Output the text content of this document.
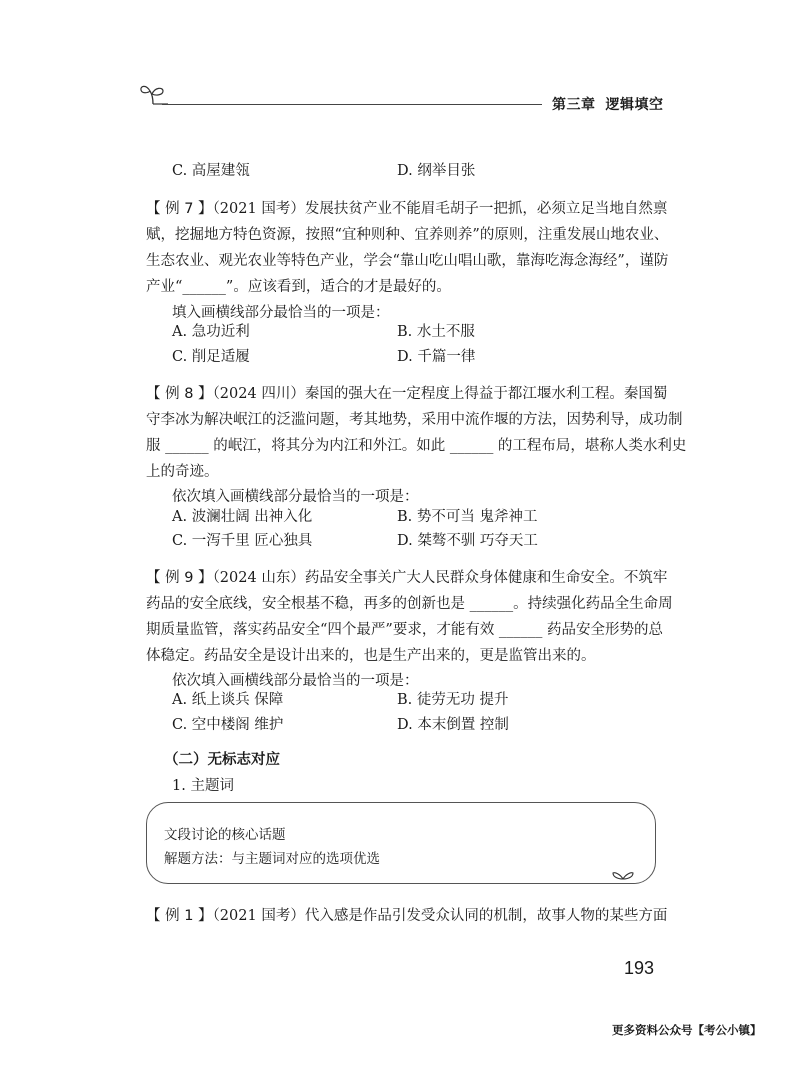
第三章 逻辑填空
C. 高屋建瓴	D. 纲举目张
【 例 7 】（2021 国考）发展扶贫产业不能眉毛胡子一把抓，必须立足当地自然禀
赋，挖掘地方特色资源，按照“宜种则种、宜养则养”的原则，注重发展山地农业、
生态农业、观光农业等特色产业，学会“靠山吃山唱山歌，靠海吃海念海经”，谨防
产业“______”。应该看到，适合的才是最好的。
填入画横线部分最恰当的一项是：
A. 急功近利	B. 水土不服
C. 削足适履	D. 千篇一律
【 例 8 】（2024 四川）秦国的强大在一定程度上得益于都江堰水利工程。秦国蜀
守李冰为解决岷江的泛滥问题，考其地势，采用中流作堰的方法，因势利导，成功制
服 ______ 的岷江，将其分为内江和外江。如此 ______ 的工程布局，堪称人类水利史
上的奇迹。
依次填入画横线部分最恰当的一项是：
A. 波澜壮阔 出神入化	B. 势不可当 鬼斧神工
C. 一泻千里 匠心独具	D. 桀骜不驯 巧夺天工
【 例 9 】（2024 山东）药品安全事关广大人民群众身体健康和生命安全。不筑牢
药品的安全底线，安全根基不稳，再多的创新也是 ______。持续强化药品全生命周
期质量监管，落实药品安全“四个最严”要求，才能有效 ______ 药品安全形势的总
体稳定。药品安全是设计出来的，也是生产出来的，更是监管出来的。
依次填入画横线部分最恰当的一项是：
A. 纸上谈兵 保障	B. 徒劳无功 提升
C. 空中楼阁 维护	D. 本末倒置 控制
（二）无标志对应
1. 主题词
文段讨论的核心话题
解题方法：与主题词对应的选项优选
【 例 1 】（2021 国考）代入感是作品引发受众认同的机制，故事人物的某些方面
193
更多资料公众号【考公小镇】
